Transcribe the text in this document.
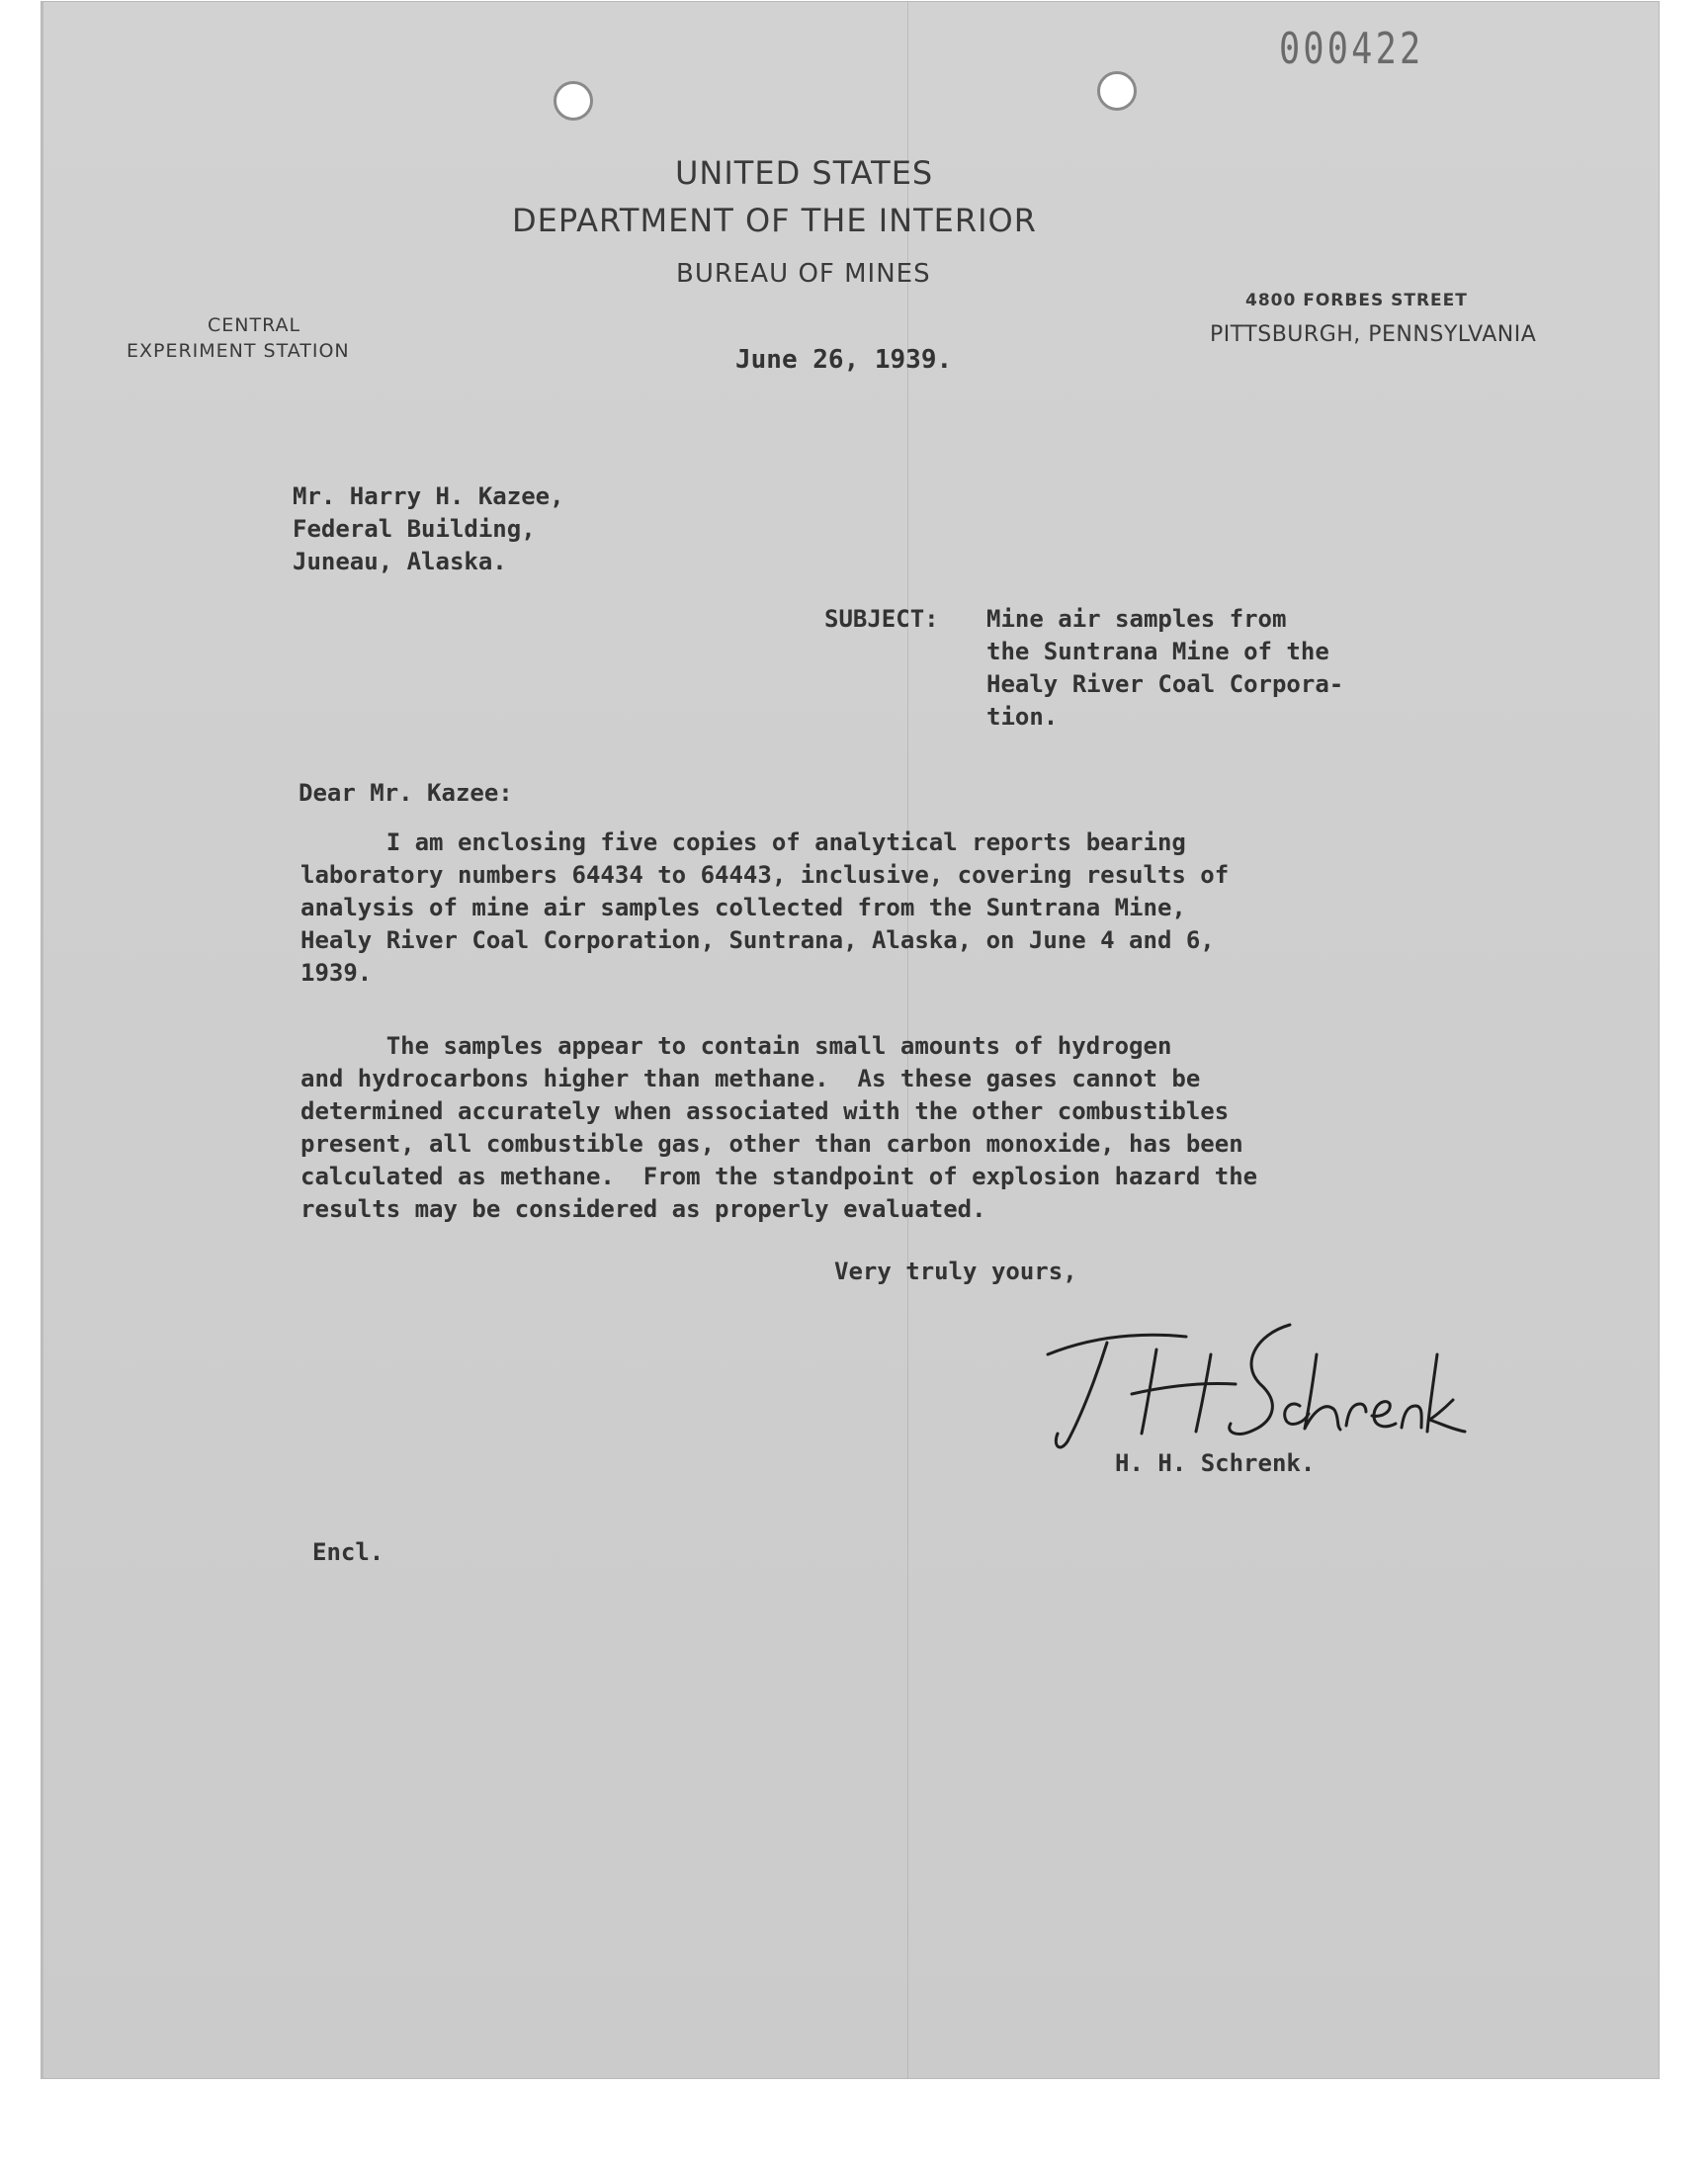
000422
UNITED STATES
DEPARTMENT OF THE INTERIOR
BUREAU OF MINES
CENTRAL
EXPERIMENT STATION
4800 FORBES STREET
PITTSBURGH, PENNSYLVANIA
June 26, 1939.
Mr. Harry H. Kazee,
Federal Building,
Juneau, Alaska.
SUBJECT: Mine air samples from
the Suntrana Mine of the
Healy River Coal Corpora-
tion.
Dear Mr. Kazee:
I am enclosing five copies of analytical reports bearing
laboratory numbers 64434 to 64443, inclusive, covering results of
analysis of mine air samples collected from the Suntrana Mine,
Healy River Coal Corporation, Suntrana, Alaska, on June 4 and 6,
1939.
The samples appear to contain small amounts of hydrogen
and hydrocarbons higher than methane.  As these gases cannot be
determined accurately when associated with the other combustibles
present, all combustible gas, other than carbon monoxide, has been
calculated as methane.  From the standpoint of explosion hazard the
results may be considered as properly evaluated.
Very truly yours,
H. H. Schrenk.
Encl.
